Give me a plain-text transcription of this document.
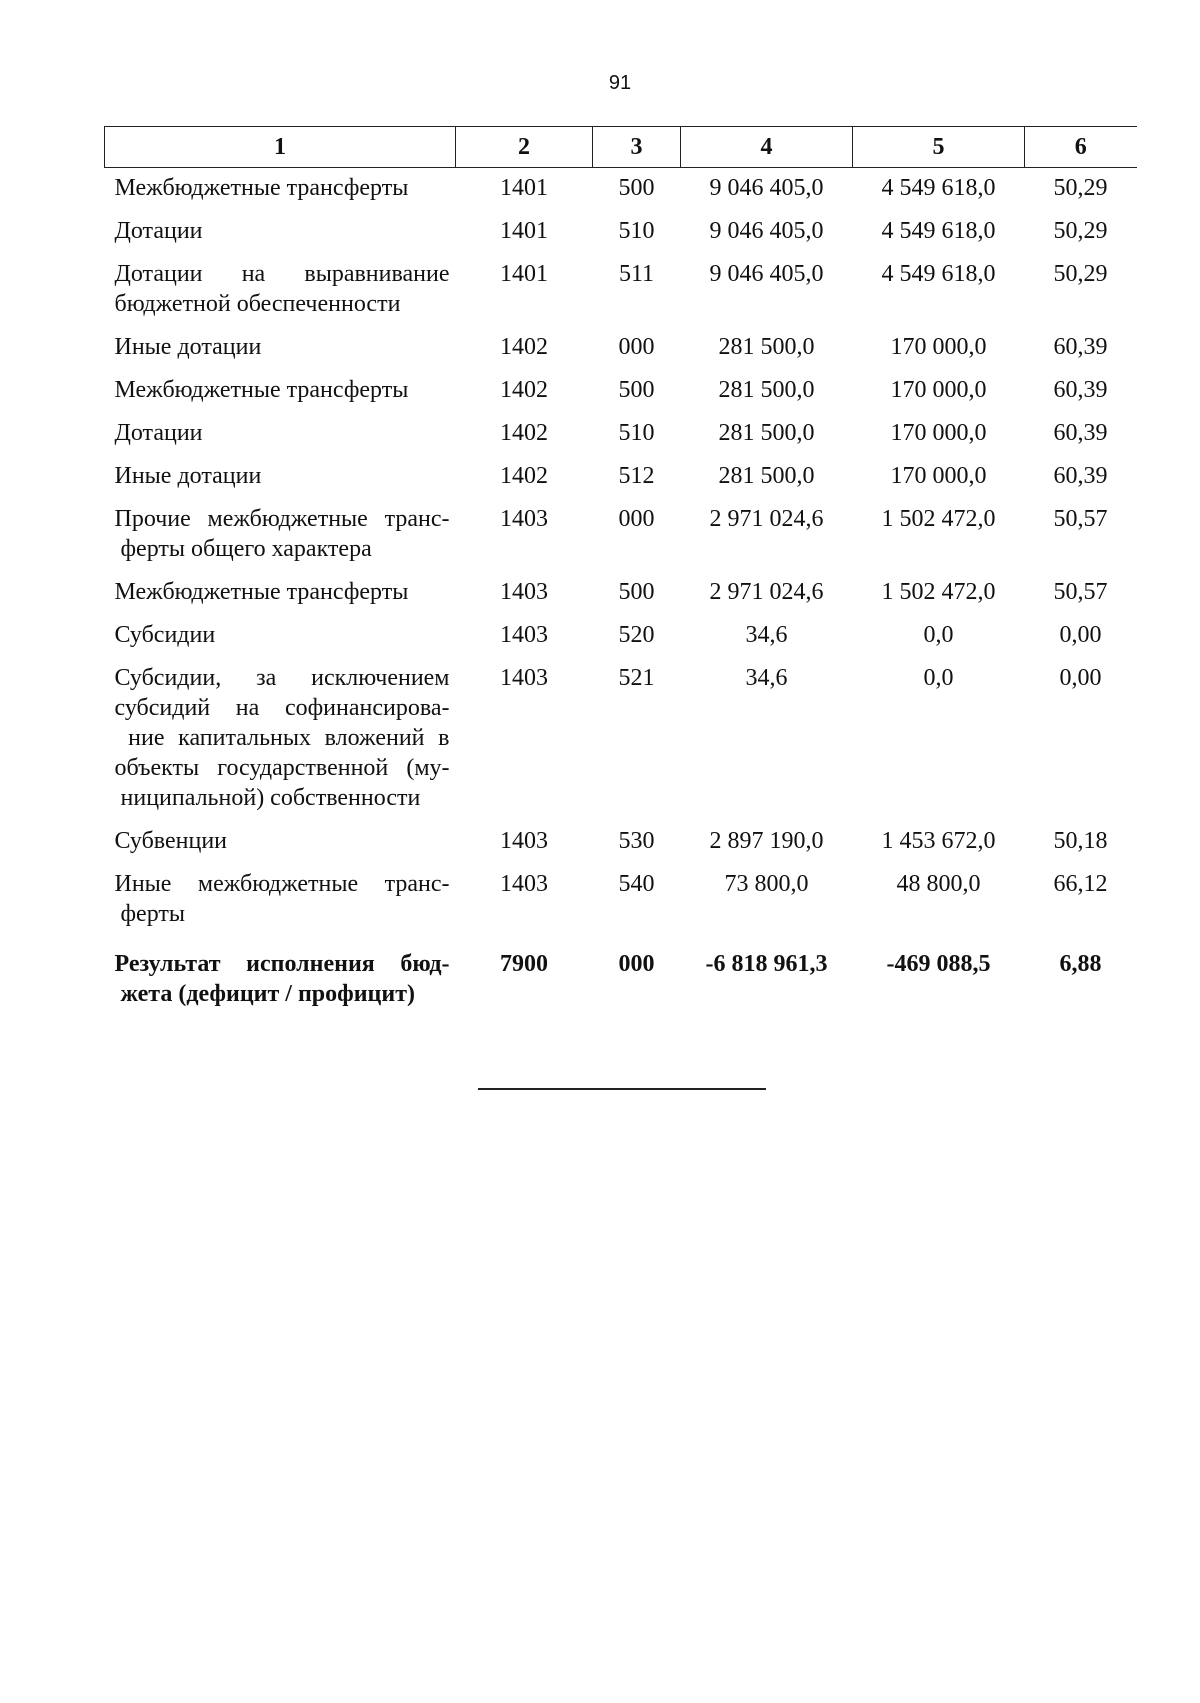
91
1	2	3	4	5	6
Межбюджетные трансферты	1401	500	9 046 405,0	4 549 618,0	50,29
Дотации	1401	510	9 046 405,0	4 549 618,0	50,29
Дотации на выравнивание бюджетной обеспеченности	1401	511	9 046 405,0	4 549 618,0	50,29
Иные дотации	1402	000	281 500,0	170 000,0	60,39
Межбюджетные трансферты	1402	500	281 500,0	170 000,0	60,39
Дотации	1402	510	281 500,0	170 000,0	60,39
Иные дотации	1402	512	281 500,0	170 000,0	60,39
Прочие межбюджетные транс- ферты общего характера	1403	000	2 971 024,6	1 502 472,0	50,57
Межбюджетные трансферты	1403	500	2 971 024,6	1 502 472,0	50,57
Субсидии	1403	520	34,6	0,0	0,00
Субсидии, за исключением субсидий на софинансирова- ние капитальных вложений в объекты государственной (му- ниципальной) собственности	1403	521	34,6	0,0	0,00
Субвенции	1403	530	2 897 190,0	1 453 672,0	50,18
Иные межбюджетные транс- ферты	1403	540	73 800,0	48 800,0	66,12
Результат исполнения бюд- жета (дефицит / профицит)	7900	000	-6 818 961,3	-469 088,5	6,88
